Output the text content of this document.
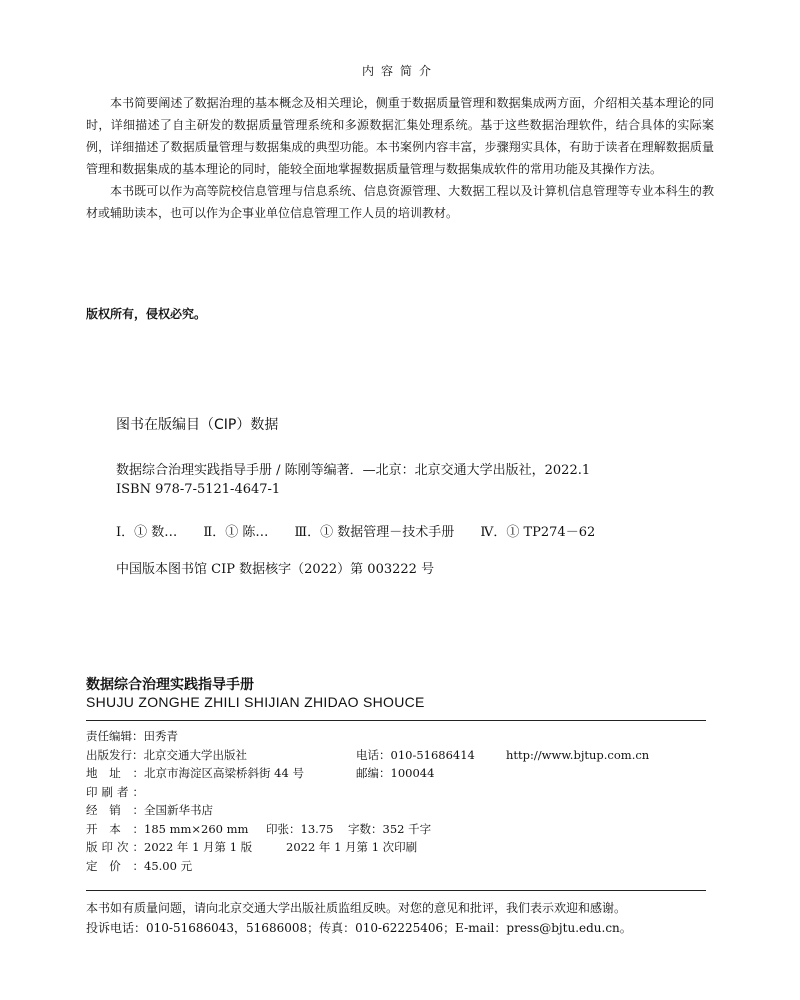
内容简介

本书简要阐述了数据治理的基本概念及相关理论，侧重于数据质量管理和数据集成两方面，介绍相关基本理论的同时，详细描述了自主研发的数据质量管理系统和多源数据汇集处理系统。基于这些数据治理软件，结合具体的实际案例，详细描述了数据质量管理与数据集成的典型功能。本书案例内容丰富，步骤翔实具体，有助于读者在理解数据质量管理和数据集成的基本理论的同时，能较全面地掌握数据质量管理与数据集成软件的常用功能及其操作方法。

本书既可以作为高等院校信息管理与信息系统、信息资源管理、大数据工程以及计算机信息管理等专业本科生的教材或辅助读本，也可以作为企事业单位信息管理工作人员的培训教材。

版权所有，侵权必究。
图书在版编目（CIP）数据
数据综合治理实践指导手册 / 陈刚等编著．—北京：北京交通大学出版社，2022.1
ISBN 978-7-5121-4647-1
Ⅰ．① 数… Ⅱ．① 陈… Ⅲ．① 数据管理－技术手册 Ⅳ．① TP274－62
中国版本图书馆 CIP 数据核字（2022）第 003222 号
数据综合治理实践指导手册
SHUJU ZONGHE ZHILI SHIJIAN ZHIDAO SHOUCE
责任编辑：田秀青
出版发行：北京交通大学出版社	电话：010-51686414	http://www.bjtup.com.cn
地址：北京市海淀区高梁桥斜街 44 号	邮编：100044
印刷者：
经销：全国新华书店
开本：185 mm×260 mm 印张：13.75 字数：352 千字
版印次：2022 年 1 月第 1 版	2022 年 1 月第 1 次印刷
定价：45.00 元
本书如有质量问题，请向北京交通大学出版社质监组反映。对您的意见和批评，我们表示欢迎和感谢。
投诉电话：010-51686043，51686008；传真：010-62225406；E-mail：press@bjtu.edu.cn。
